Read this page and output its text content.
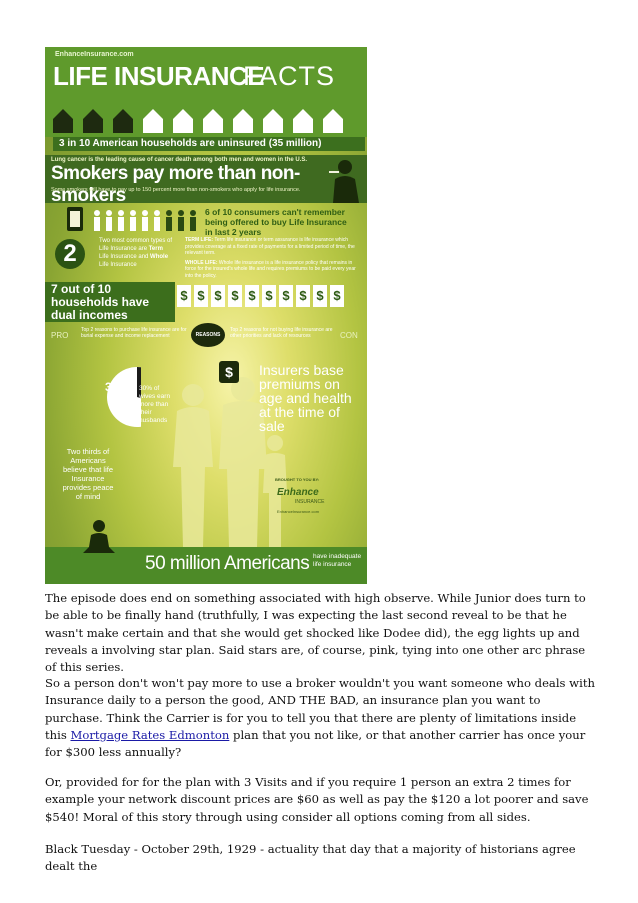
EnhanceInsurance.com
LIFE INSURANCE
FACTS
3 in 10 American households are uninsured (35 million)
Lung cancer is the leading cause of cancer death among both men and women in the U.S.
Smokers pay more than non-smokers
Some smokers will have to pay up to 150 percent more than non-smokers who apply for life insurance.
6 of 10 consumers can't remember being offered to buy Life Insurance in last 2 years
2	Two most common types of Life Insurance are Term Life Insurance and Whole Life Insurance
TERM LIFE: Term life insurance or term assurance is life insurance which provides coverage at a fixed rate of payments for a limited period of time, the relevant term.
WHOLE LIFE: Whole life insurance is a life insurance policy that remains in force for the insured's whole life and requires premiums to be paid every year into the policy.
7 out of 10 households have dual incomes
$ $ $ $ $ $ $ $ $ $
PRO
Top 2 reasons to purchase life insurance are for burial expense and income replacement	REASONS
Top 2 reasons for not buying life insurance are other priorities and lack of resources	CON
30% 30% of wives earn more than their husbands
Two thirds of Americans believe that life Insurance provides peace of mind
$	Insurers base premiums on age and health at the time of sale
BROUGHT TO YOU BY:
Enhance
INSURANCE
EnhanceInsurance.com
50 million Americans have inadequate life insurance

The episode does end on something associated with high observe. While Junior does turn to be able to be finally hand (truthfully, I was expecting the last second reveal to be that he wasn't make certain and that she would get shocked like Dodee did), the egg lights up and reveals a involving star plan. Said stars are, of course, pink, tying into one other arc phrase of this series.

So a person don't won't pay more to use a broker wouldn't you want someone who deals with Insurance daily to a person the good, AND THE BAD, an insurance plan you want to purchase. Think the Carrier is for you to tell you that there are plenty of limitations inside this Mortgage Rates Edmonton plan that you not like, or that another carrier has once your for $300 less annually?

Or, provided for for the plan with 3 Visits and if you require 1 person an extra 2 times for example your network discount prices are $60 as well as pay the $120 a lot poorer and save $540! Moral of this story through using consider all options coming from all sides.

Black Tuesday - October 29th, 1929 - actuality that day that a majority of historians agree dealt the
